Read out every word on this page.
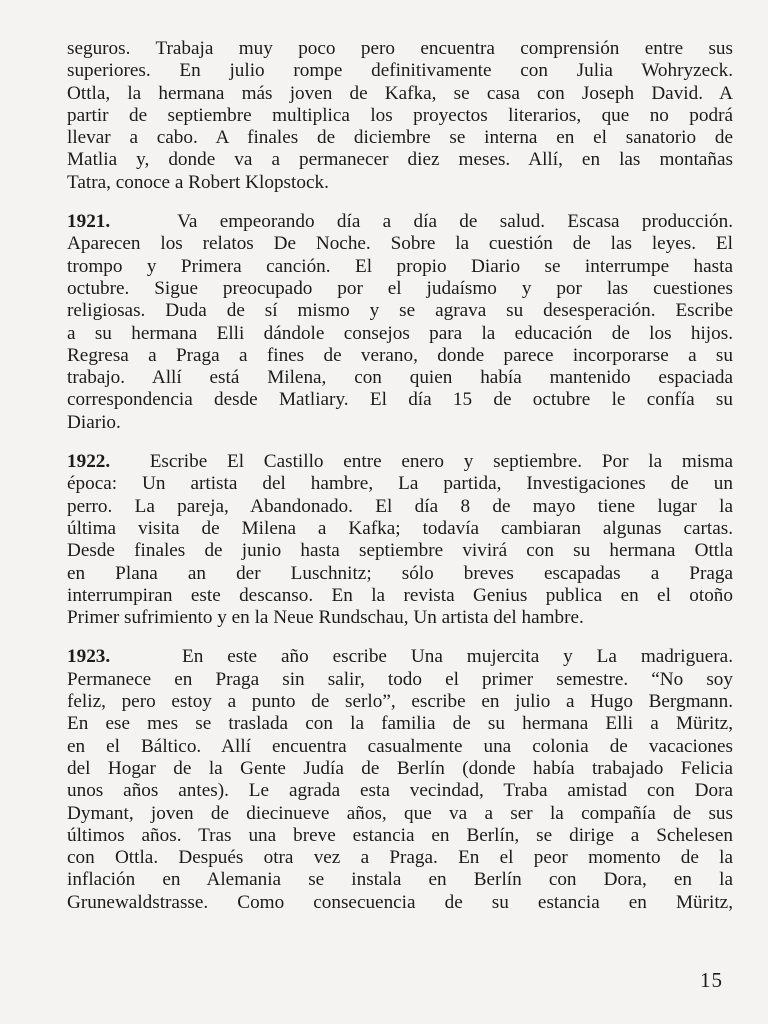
seguros. Trabaja muy poco pero encuentra comprensión entre sus
superiores. En julio rompe definitivamente con Julia Wohryzeck.
Ottla, la hermana más joven de Kafka, se casa con Joseph David. A
partir de septiembre multiplica los proyectos literarios, que no podrá
llevar a cabo. A finales de diciembre se interna en el sanatorio de
Matlia y, donde va a permanecer diez meses. Allí, en las montañas
Tatra, conoce a Robert Klopstock.

1921.	Va empeorando día a día de salud. Escasa producción.
Aparecen los relatos De Noche. Sobre la cuestión de las leyes. El
trompo y Primera canción. El propio Diario se interrumpe hasta
octubre. Sigue preocupado por el judaísmo y por las cuestiones
religiosas. Duda de sí mismo y se agrava su desesperación. Escribe
a su hermana Elli dándole consejos para la educación de los hijos.
Regresa a Praga a fines de verano, donde parece incorporarse a su
trabajo. Allí está Milena, con quien había mantenido espaciada
correspondencia desde Matliary. El día 15 de octubre le confía su
Diario.

1922. Escribe El Castillo entre enero y septiembre. Por la misma
época: Un artista del hambre, La partida, Investigaciones de un
perro. La pareja, Abandonado. El día 8 de mayo tiene lugar la
última visita de Milena a Kafka; todavía cambiaran algunas cartas.
Desde finales de junio hasta septiembre vivirá con su hermana Ottla
en Plana an der Luschnitz; sólo breves escapadas a Praga
interrumpiran este descanso. En la revista Genius publica en el otoño
Primer sufrimiento y en la Neue Rundschau, Un artista del hambre.

1923.	En este año escribe Una mujercita y La madriguera.
Permanece en Praga sin salir, todo el primer semestre. “No soy
feliz, pero estoy a punto de serlo”, escribe en julio a Hugo Bergmann.
En ese mes se traslada con la familia de su hermana Elli a Müritz,
en el Báltico. Allí encuentra casualmente una colonia de vacaciones
del Hogar de la Gente Judía de Berlín (donde había trabajado Felicia
unos años antes). Le agrada esta vecindad, Traba amistad con Dora
Dymant, joven de diecinueve años, que va a ser la compañía de sus
últimos años. Tras una breve estancia en Berlín, se dirige a Schelesen
con Ottla. Después otra vez a Praga. En el peor momento de la
inflación en Alemania se instala en Berlín con Dora, en la
Grunewaldstrasse. Como consecuencia de su estancia en Müritz,

15
